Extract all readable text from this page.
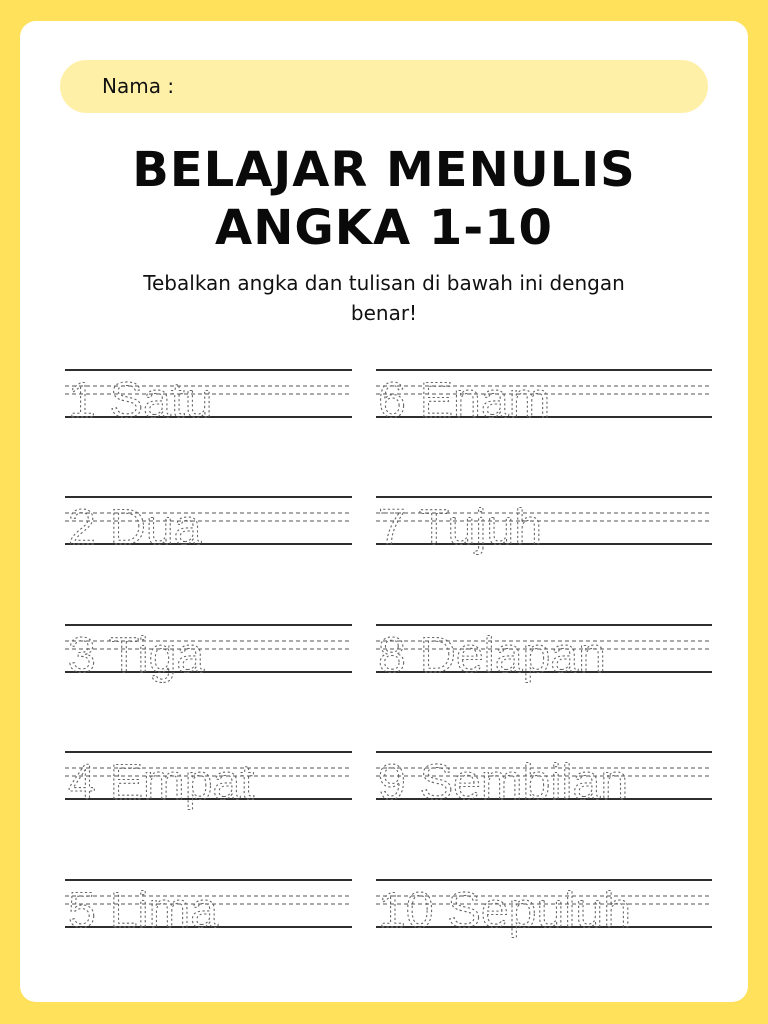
Nama :
BELAJAR MENULIS
ANGKA 1-10
Tebalkan angka dan tulisan di bawah ini dengan
benar!
1 Satu
2 Dua
3 Tiga
4 Empat
5 Lima
6 Enam
7 Tujuh
8 Delapan
9 Sembilan
10 Sepuluh
